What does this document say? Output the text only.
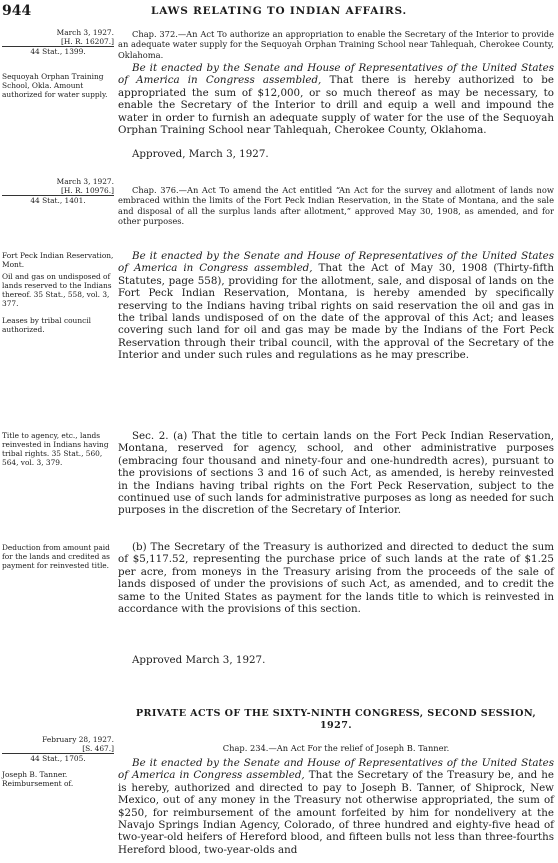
944	LAWS RELATING TO INDIAN AFFAIRS.
March 3, 1927.
[H. R. 16207.]
44 Stat., 1399.
Sequoyah Orphan Training School, Okla. Amount authorized for water supply.
Chap. 372.—An Act To authorize an appropriation to enable the Secretary of the Interior to provide an adequate water supply for the Sequoyah Orphan Training School near Tahlequah, Cherokee County, Oklahoma.
Be it enacted by the Senate and House of Representatives of the United States of America in Congress assembled, That there is hereby authorized to be appropriated the sum of $12,000, or so much thereof as may be necessary, to enable the Secretary of the Interior to drill and equip a well and impound the water in order to furnish an adequate supply of water for the use of the Sequoyah Orphan Training School near Tahlequah, Cherokee County, Oklahoma.
Approved, March 3, 1927.
March 3, 1927.
[H. R. 10976.]
44 Stat., 1401.
Fort Peck Indian Reservation, Mont.
Oil and gas on undisposed of lands reserved to the Indians thereof. 35 Stat., 558, vol. 3, 377.
Leases by tribal council authorized.
Title to agency, etc., lands reinvested in Indians having tribal rights. 35 Stat., 560, 564, vol. 3, 379.
Deduction from amount paid for the lands and credited as payment for reinvested title.
Chap. 376.—An Act To amend the Act entitled “An Act for the survey and allotment of lands now embraced within the limits of the Fort Peck Indian Reservation, in the State of Montana, and the sale and disposal of all the surplus lands after allotment,” approved May 30, 1908, as amended, and for other purposes.
Be it enacted by the Senate and House of Representatives of the United States of America in Congress assembled, That the Act of May 30, 1908 (Thirty-fifth Statutes, page 558), providing for the allotment, sale, and disposal of lands on the Fort Peck Indian Reservation, Montana, is hereby amended by specifically reserving to the Indians having tribal rights on said reservation the oil and gas in the tribal lands undisposed of on the date of the approval of this Act; and leases covering such land for oil and gas may be made by the Indians of the Fort Peck Reservation through their tribal council, with the approval of the Secretary of the Interior and under such rules and regulations as he may prescribe.
Sec. 2. (a) That the title to certain lands on the Fort Peck Indian Reservation, Montana, reserved for agency, school, and other administrative purposes (embracing four thousand and ninety-four and one-hundredth acres), pursuant to the provisions of sections 3 and 16 of such Act, as amended, is hereby reinvested in the Indians having tribal rights on the Fort Peck Reservation, subject to the continued use of such lands for administrative purposes as long as needed for such purposes in the discretion of the Secretary of Interior.
(b) The Secretary of the Treasury is authorized and directed to deduct the sum of $5,117.52, representing the purchase price of such lands at the rate of $1.25 per acre, from moneys in the Treasury arising from the proceeds of the sale of lands disposed of under the provisions of such Act, as amended, and to credit the same to the United States as payment for the lands title to which is reinvested in accordance with the provisions of this section.
Approved March 3, 1927.
PRIVATE ACTS OF THE SIXTY-NINTH CONGRESS, SECOND SESSION, 1927.
February 28, 1927.
[S. 467.]
44 Stat., 1705.
Joseph B. Tanner. Reimbursement of.
Chap. 234.—An Act For the relief of Joseph B. Tanner.
Be it enacted by the Senate and House of Representatives of the United States of America in Congress assembled, That the Secretary of the Treasury be, and he is hereby, authorized and directed to pay to Joseph B. Tanner, of Shiprock, New Mexico, out of any money in the Treasury not otherwise appropriated, the sum of $250, for reimbursement of the amount forfeited by him for nondelivery at the Navajo Springs Indian Agency, Colorado, of three hundred and eighty-five head of two-year-old heifers of Hereford blood, and fifteen bulls not less than three-fourths Hereford blood, two-year-olds and
